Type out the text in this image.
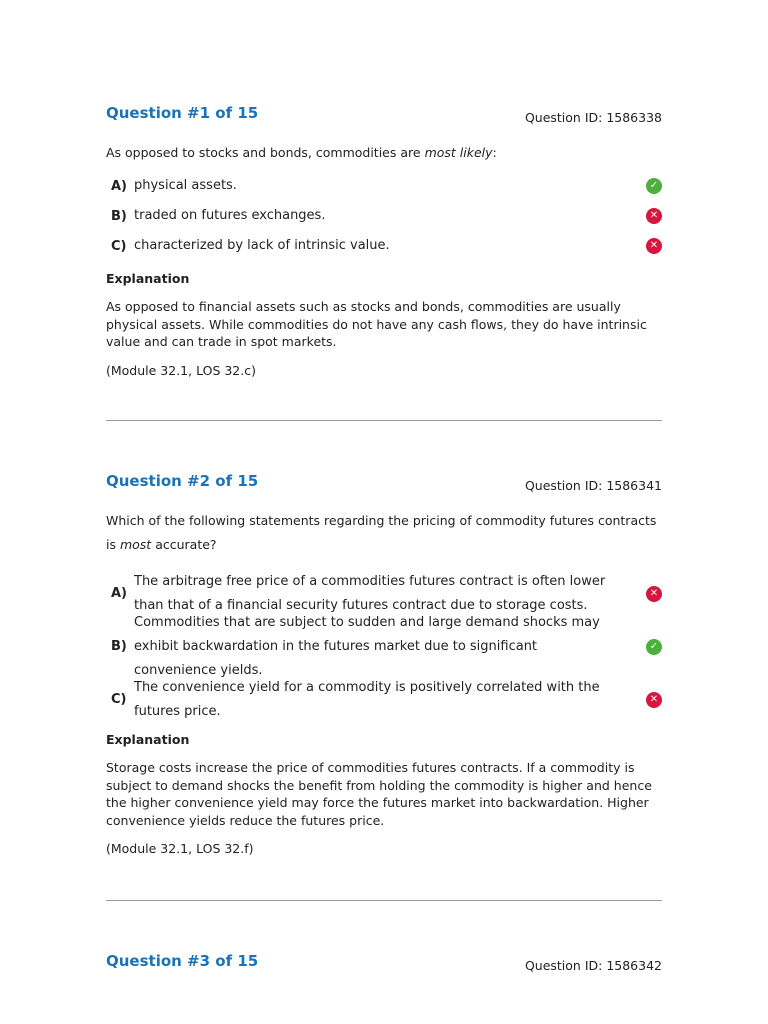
Question #1 of 15	Question ID: 1586338
As opposed to stocks and bonds, commodities are most likely:
A) physical assets.	✓
B) traded on futures exchanges.	✕
C) characterized by lack of intrinsic value.	✕
Explanation
As opposed to financial assets such as stocks and bonds, commodities are usually physical assets. While commodities do not have any cash flows, they do have intrinsic value and can trade in spot markets.
(Module 32.1, LOS 32.c)
Question #2 of 15	Question ID: 1586341
Which of the following statements regarding the pricing of commodity futures contracts is most accurate?
A)
The arbitrage free price of a commodities futures contract is often lower than that of a financial security futures contract due to storage costs.
✕
B)
Commodities that are subject to sudden and large demand shocks may exhibit backwardation in the futures market due to significant convenience yields.
✓
C)
The convenience yield for a commodity is positively correlated with the futures price.
✕
Explanation
Storage costs increase the price of commodities futures contracts. If a commodity is subject to demand shocks the benefit from holding the commodity is higher and hence the higher convenience yield may force the futures market into backwardation. Higher convenience yields reduce the futures price.
(Module 32.1, LOS 32.f)
Question #3 of 15	Question ID: 1586342
